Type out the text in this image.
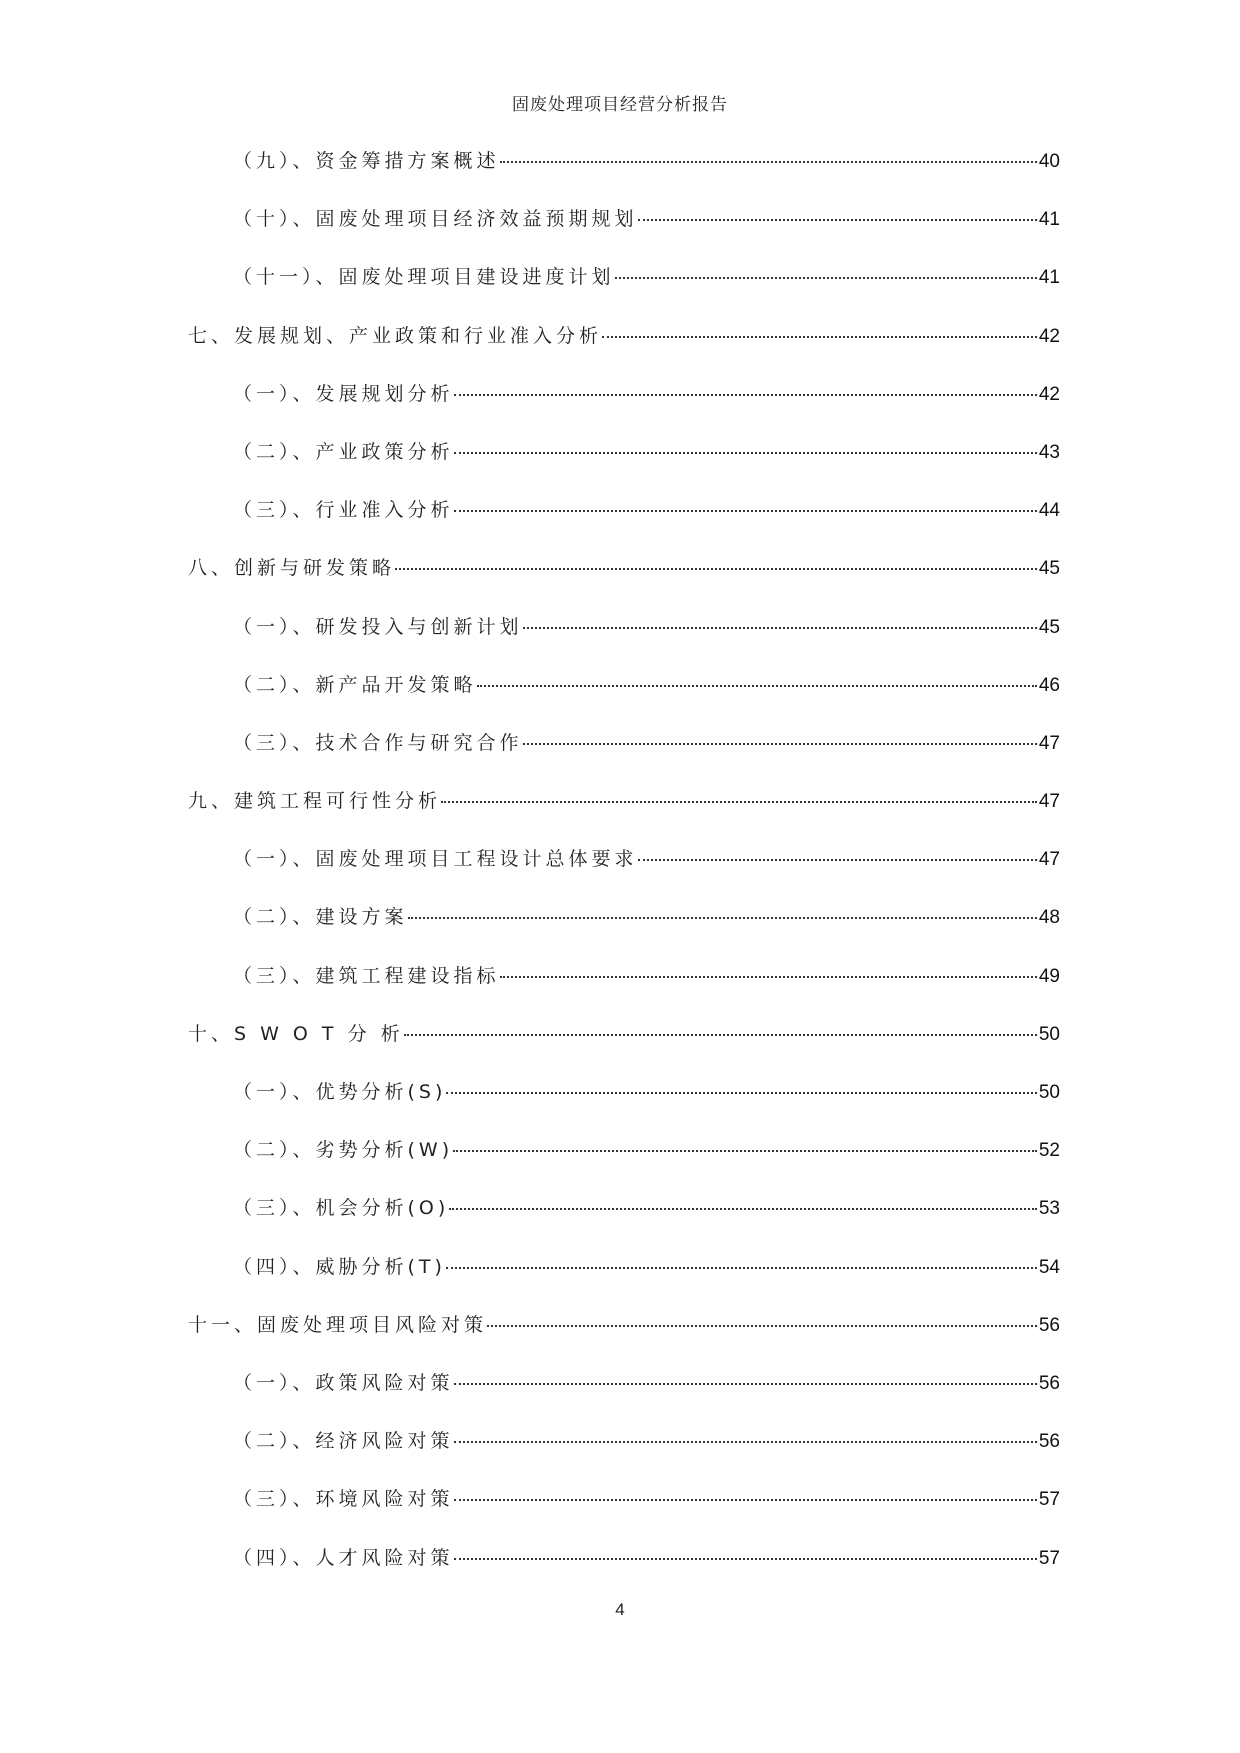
固废处理项目经营分析报告
（九）、资金筹措方案概述	40
（十）、固废处理项目经济效益预期规划	41
（十一）、固废处理项目建设进度计划	41
七、发展规划、产业政策和行业准入分析	42
（一）、发展规划分析	42
（二）、产业政策分析	43
（三）、行业准入分析	44
八、创新与研发策略	45
（一）、研发投入与创新计划	45
（二）、新产品开发策略	46
（三）、技术合作与研究合作	47
九、建筑工程可行性分析	47
（一）、固废处理项目工程设计总体要求	47
（二）、建设方案	48
（三）、建筑工程建设指标	49
十、S W O T 分 析	50
（一）、优势分析(S)	50
（二）、劣势分析(W)	52
（三）、机会分析(O)	53
（四）、威胁分析(T)	54
十一、固废处理项目风险对策	56
（一）、政策风险对策	56
（二）、经济风险对策	56
（三）、环境风险对策	57
（四）、人才风险对策	57
4
